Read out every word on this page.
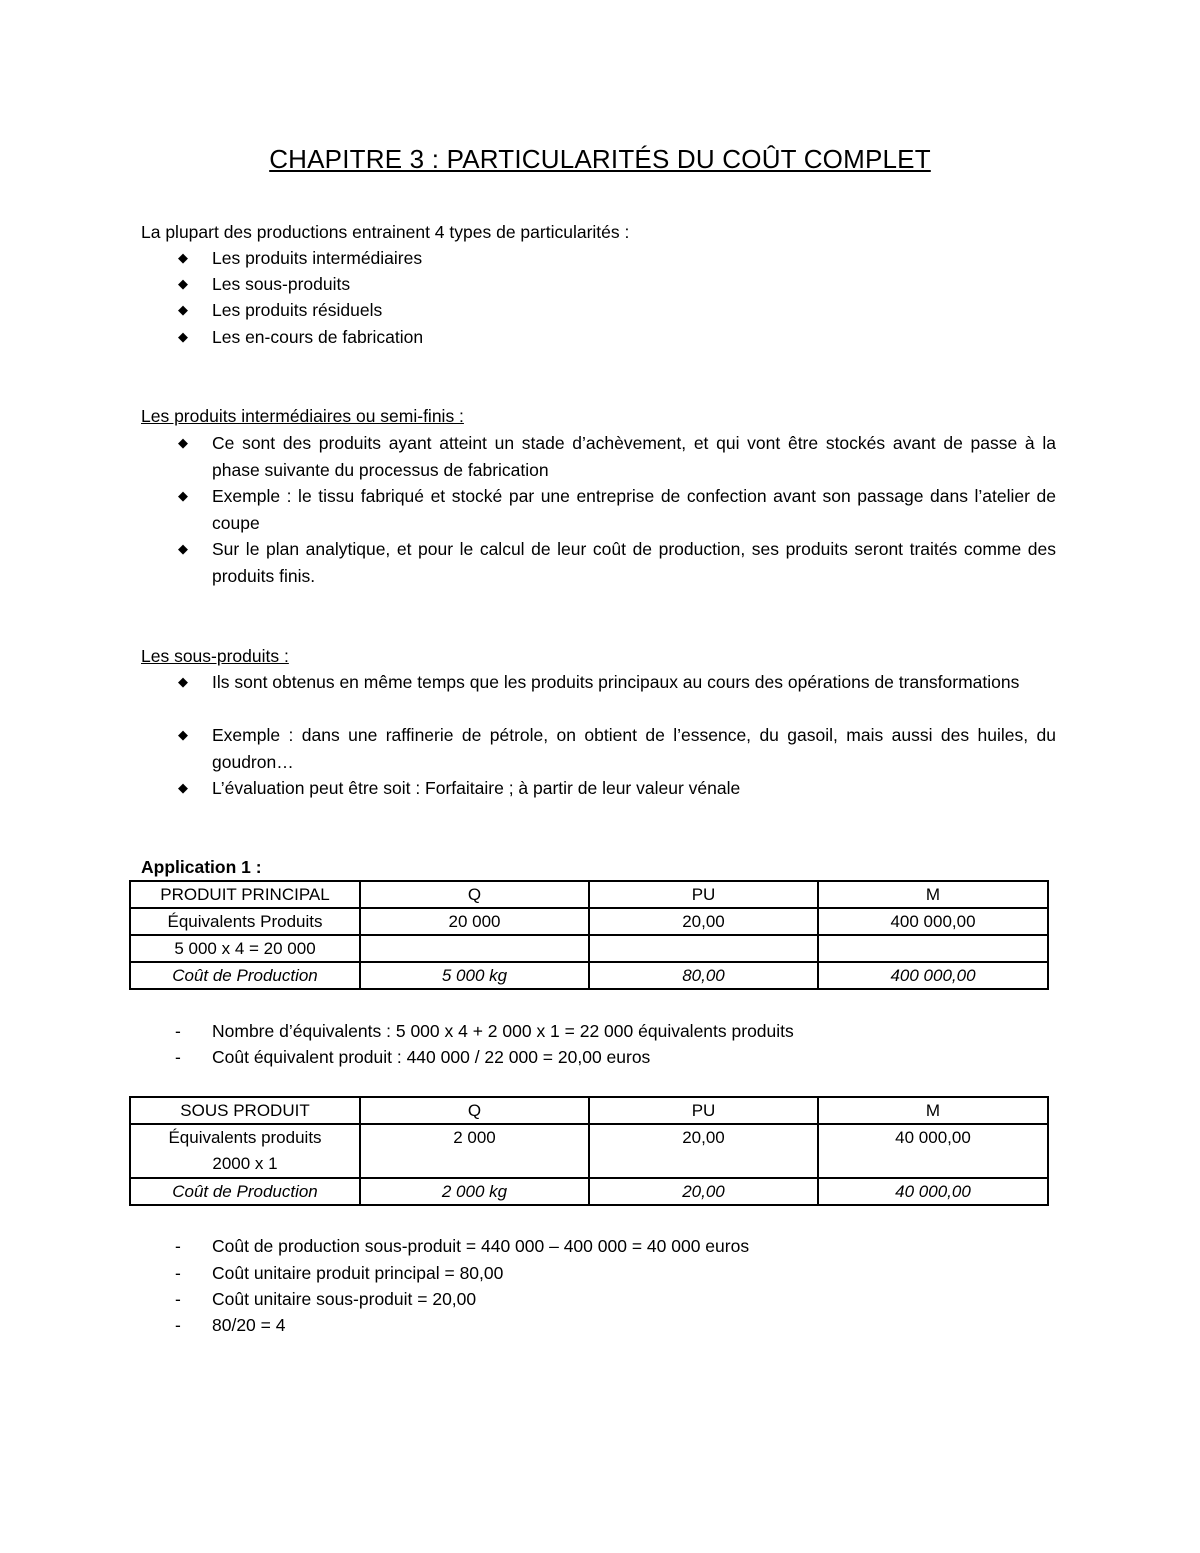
CHAPITRE 3 : PARTICULARITÉS DU COÛT COMPLET
La plupart des productions entrainent 4 types de particularités :
◆ Les produits intermédiaires
◆ Les sous-produits
◆ Les produits résiduels
◆ Les en-cours de fabrication
Les produits intermédiaires ou semi-finis :
◆ Ce sont des produits ayant atteint un stade d’achèvement, et qui vont être stockés avant de passe à la phase suivante du processus de fabrication
◆ Exemple : le tissu fabriqué et stocké par une entreprise de confection avant son passage dans l’atelier de coupe
◆ Sur le plan analytique, et pour le calcul de leur coût de production, ses produits seront traités comme des produits finis.
Les sous-produits :
◆ Ils sont obtenus en même temps que les produits principaux au cours des opérations de transformations
◆ Exemple : dans une raffinerie de pétrole, on obtient de l’essence, du gasoil, mais aussi des huiles, du goudron…
◆ L’évaluation peut être soit : Forfaitaire ; à partir de leur valeur vénale
Application 1 :
PRODUIT PRINCIPAL	Q	PU	M
Équivalents Produits	20 000	20,00	400 000,00
5 000 x 4 = 20 000			
Coût de Production	5 000 kg	80,00	400 000,00
- Nombre d’équivalents : 5 000 x 4 + 2 000 x 1 = 22 000 équivalents produits
- Coût équivalent produit : 440 000 / 22 000 = 20,00 euros
SOUS PRODUIT	Q	PU	M

Équivalents produits
2000 x 1	2 000	20,00	40 000,00
Coût de Production	2 000 kg	20,00	40 000,00
- Coût de production sous-produit = 440 000 – 400 000 = 40 000 euros
- Coût unitaire produit principal = 80,00
- Coût unitaire sous-produit = 20,00
- 80/20 = 4
